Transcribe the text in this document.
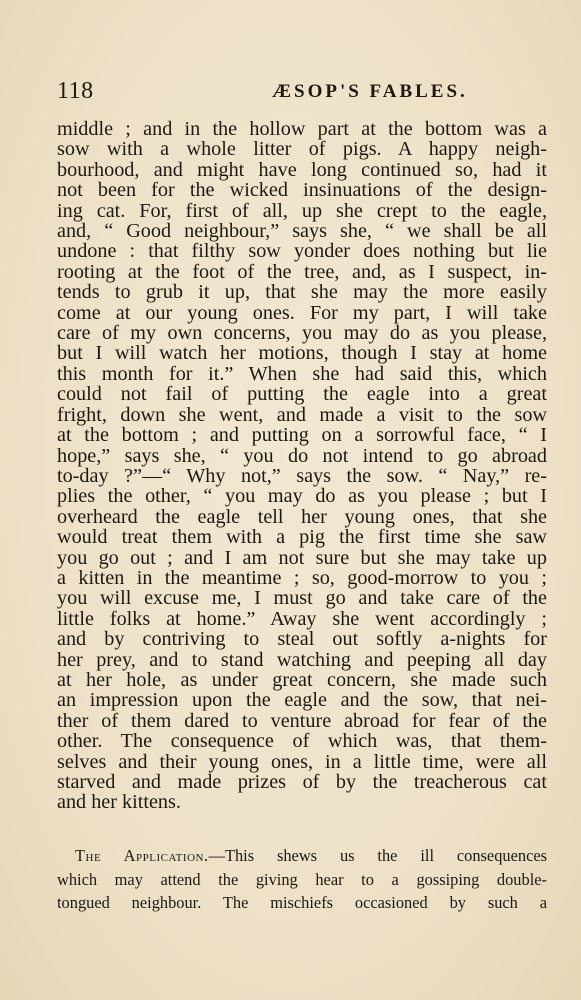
118	ÆSOP'S FABLES.

middle ; and in the hollow part at the bottom was a
sow with a whole litter of pigs. A happy neigh-
bourhood, and might have long continued so, had it
not been for the wicked insinuations of the design-
ing cat. For, first of all, up she crept to the eagle,
and, “ Good neighbour,” says she, “ we shall be all
undone : that filthy sow yonder does nothing but lie
rooting at the foot of the tree, and, as I suspect, in-
tends to grub it up, that she may the more easily
come at our young ones. For my part, I will take
care of my own concerns, you may do as you please,
but I will watch her motions, though I stay at home
this month for it.” When she had said this, which
could not fail of putting the eagle into a great
fright, down she went, and made a visit to the sow
at the bottom ; and putting on a sorrowful face, “ I
hope,” says she, “ you do not intend to go abroad
to-day ?”—“ Why not,” says the sow. “ Nay,” re-
plies the other, “ you may do as you please ; but I
overheard the eagle tell her young ones, that she
would treat them with a pig the first time she saw
you go out ; and I am not sure but she may take up
a kitten in the meantime ; so, good-morrow to you ;
you will excuse me, I must go and take care of the
little folks at home.” Away she went accordingly ;
and by contriving to steal out softly a-nights for
her prey, and to stand watching and peeping all day
at her hole, as under great concern, she made such
an impression upon the eagle and the sow, that nei-
ther of them dared to venture abroad for fear of the
other. The consequence of which was, that them-
selves and their young ones, in a little time, were all
starved and made prizes of by the treacherous cat
and her kittens.

The Application.—This shews us the ill consequences
which may attend the giving hear to a gossiping double-
tongued neighbour. The mischiefs occasioned by such a
